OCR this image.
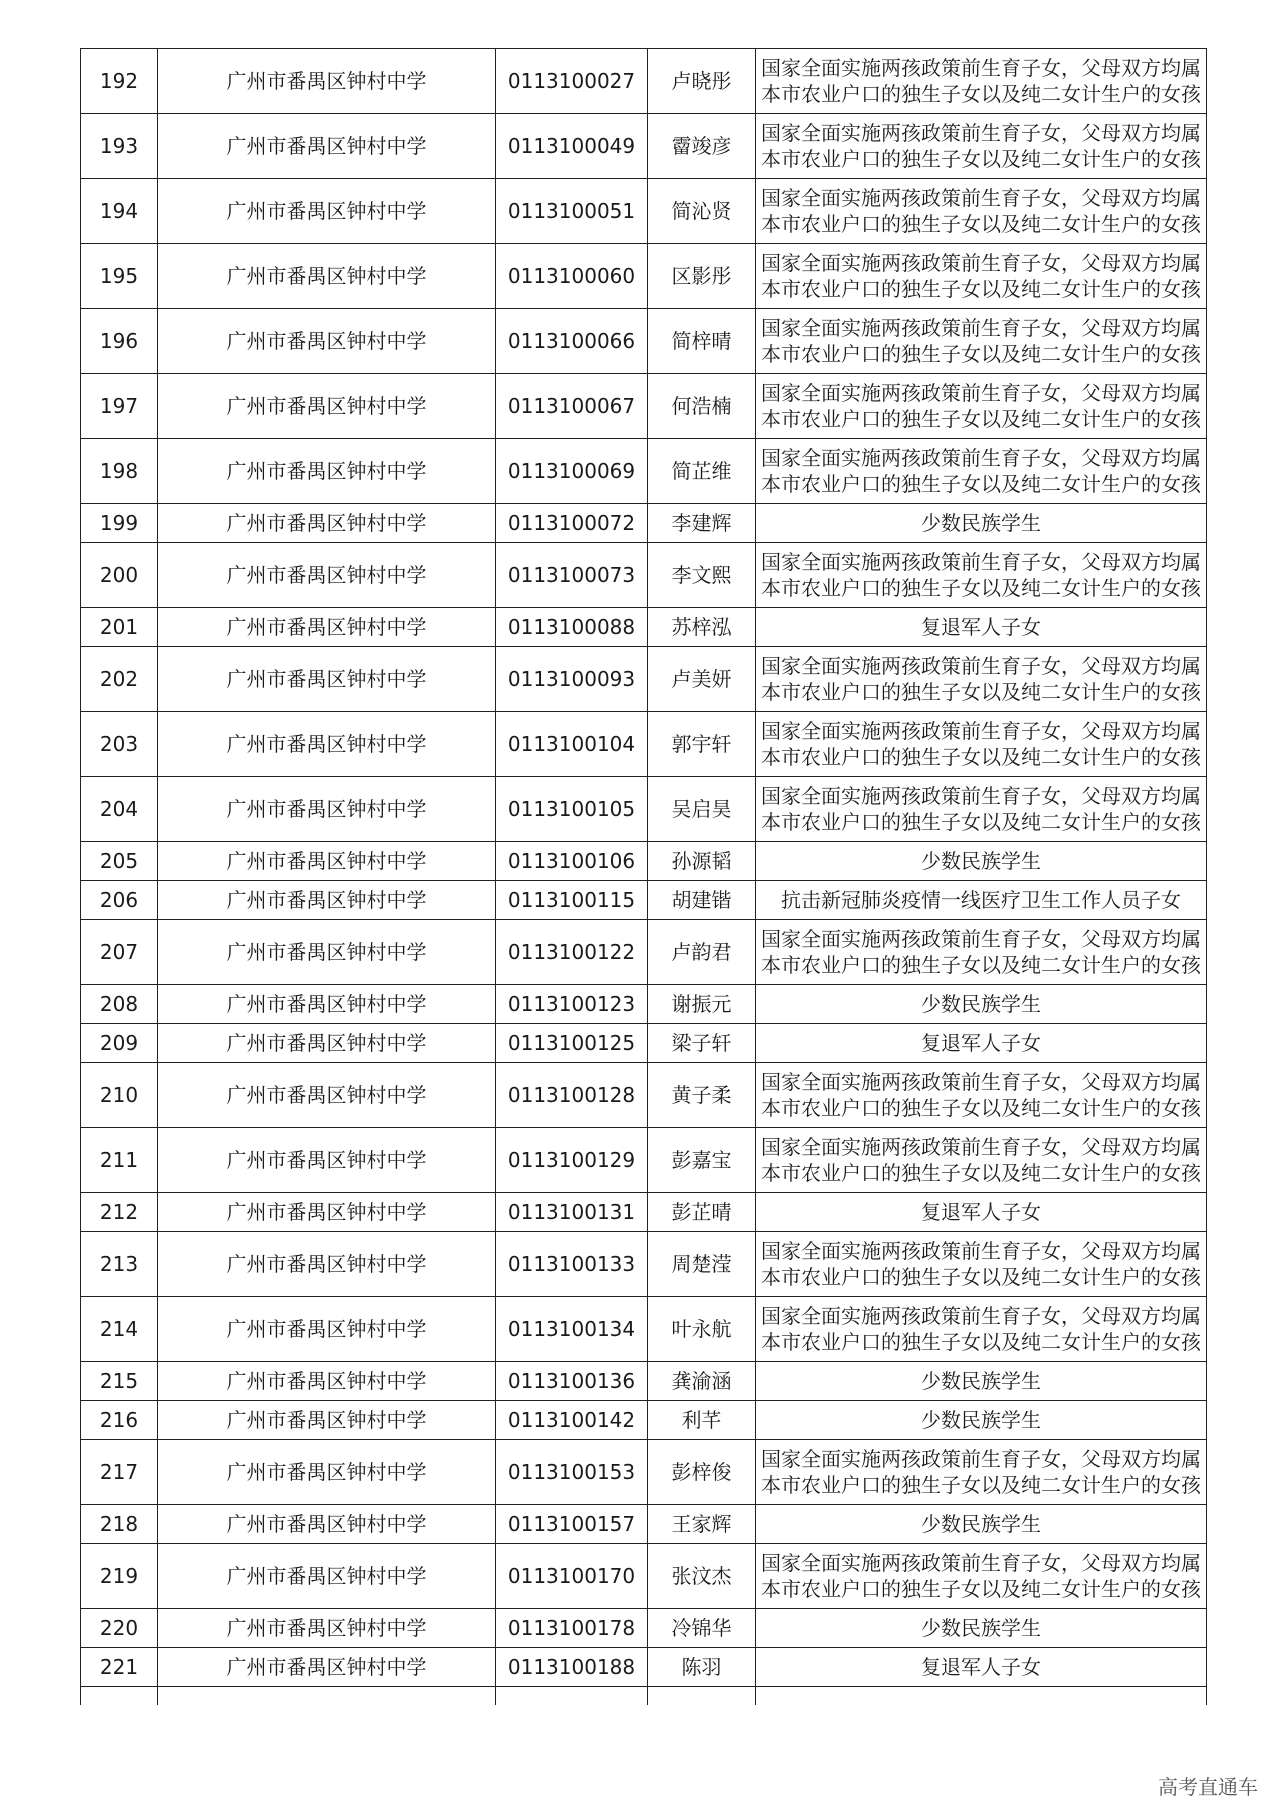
192	广州市番禺区钟村中学	0113100027	卢晓彤	国家全面实施两孩政策前生育子女，父母双方均属
本市农业户口的独生子女以及纯二女计生户的女孩

193	广州市番禺区钟村中学	0113100049	霤竣彦	国家全面实施两孩政策前生育子女，父母双方均属
本市农业户口的独生子女以及纯二女计生户的女孩

194	广州市番禺区钟村中学	0113100051	简沁贤	国家全面实施两孩政策前生育子女，父母双方均属
本市农业户口的独生子女以及纯二女计生户的女孩

195	广州市番禺区钟村中学	0113100060	区影彤	国家全面实施两孩政策前生育子女，父母双方均属
本市农业户口的独生子女以及纯二女计生户的女孩

196	广州市番禺区钟村中学	0113100066	简梓晴	国家全面实施两孩政策前生育子女，父母双方均属
本市农业户口的独生子女以及纯二女计生户的女孩

197	广州市番禺区钟村中学	0113100067	何浩楠	国家全面实施两孩政策前生育子女，父母双方均属
本市农业户口的独生子女以及纯二女计生户的女孩

198	广州市番禺区钟村中学	0113100069	简芷维	国家全面实施两孩政策前生育子女，父母双方均属
本市农业户口的独生子女以及纯二女计生户的女孩

199	广州市番禺区钟村中学	0113100072	李建辉	少数民族学生

200	广州市番禺区钟村中学	0113100073	李文熙	国家全面实施两孩政策前生育子女，父母双方均属
本市农业户口的独生子女以及纯二女计生户的女孩

201	广州市番禺区钟村中学	0113100088	苏梓泓	复退军人子女

202	广州市番禺区钟村中学	0113100093	卢美妍	国家全面实施两孩政策前生育子女，父母双方均属
本市农业户口的独生子女以及纯二女计生户的女孩

203	广州市番禺区钟村中学	0113100104	郭宇轩	国家全面实施两孩政策前生育子女，父母双方均属
本市农业户口的独生子女以及纯二女计生户的女孩

204	广州市番禺区钟村中学	0113100105	吴启昊	国家全面实施两孩政策前生育子女，父母双方均属
本市农业户口的独生子女以及纯二女计生户的女孩

205	广州市番禺区钟村中学	0113100106	孙源韬	少数民族学生

206	广州市番禺区钟村中学	0113100115	胡建锴	抗击新冠肺炎疫情一线医疗卫生工作人员子女

207	广州市番禺区钟村中学	0113100122	卢韵君	国家全面实施两孩政策前生育子女，父母双方均属
本市农业户口的独生子女以及纯二女计生户的女孩

208	广州市番禺区钟村中学	0113100123	谢振元	少数民族学生

209	广州市番禺区钟村中学	0113100125	梁子轩	复退军人子女

210	广州市番禺区钟村中学	0113100128	黄子柔	国家全面实施两孩政策前生育子女，父母双方均属
本市农业户口的独生子女以及纯二女计生户的女孩

211	广州市番禺区钟村中学	0113100129	彭嘉宝	国家全面实施两孩政策前生育子女，父母双方均属
本市农业户口的独生子女以及纯二女计生户的女孩

212	广州市番禺区钟村中学	0113100131	彭芷晴	复退军人子女

213	广州市番禺区钟村中学	0113100133	周楚滢	国家全面实施两孩政策前生育子女，父母双方均属
本市农业户口的独生子女以及纯二女计生户的女孩

214	广州市番禺区钟村中学	0113100134	叶永航	国家全面实施两孩政策前生育子女，父母双方均属
本市农业户口的独生子女以及纯二女计生户的女孩

215	广州市番禺区钟村中学	0113100136	龚渝涵	少数民族学生

216	广州市番禺区钟村中学	0113100142	利芊	少数民族学生

217	广州市番禺区钟村中学	0113100153	彭梓俊	国家全面实施两孩政策前生育子女，父母双方均属
本市农业户口的独生子女以及纯二女计生户的女孩

218	广州市番禺区钟村中学	0113100157	王家辉	少数民族学生

219	广州市番禺区钟村中学	0113100170	张汶杰	国家全面实施两孩政策前生育子女，父母双方均属
本市农业户口的独生子女以及纯二女计生户的女孩

220	广州市番禺区钟村中学	0113100178	冷锦华	少数民族学生

221	广州市番禺区钟村中学	0113100188	陈羽	复退军人子女

高考直通车
